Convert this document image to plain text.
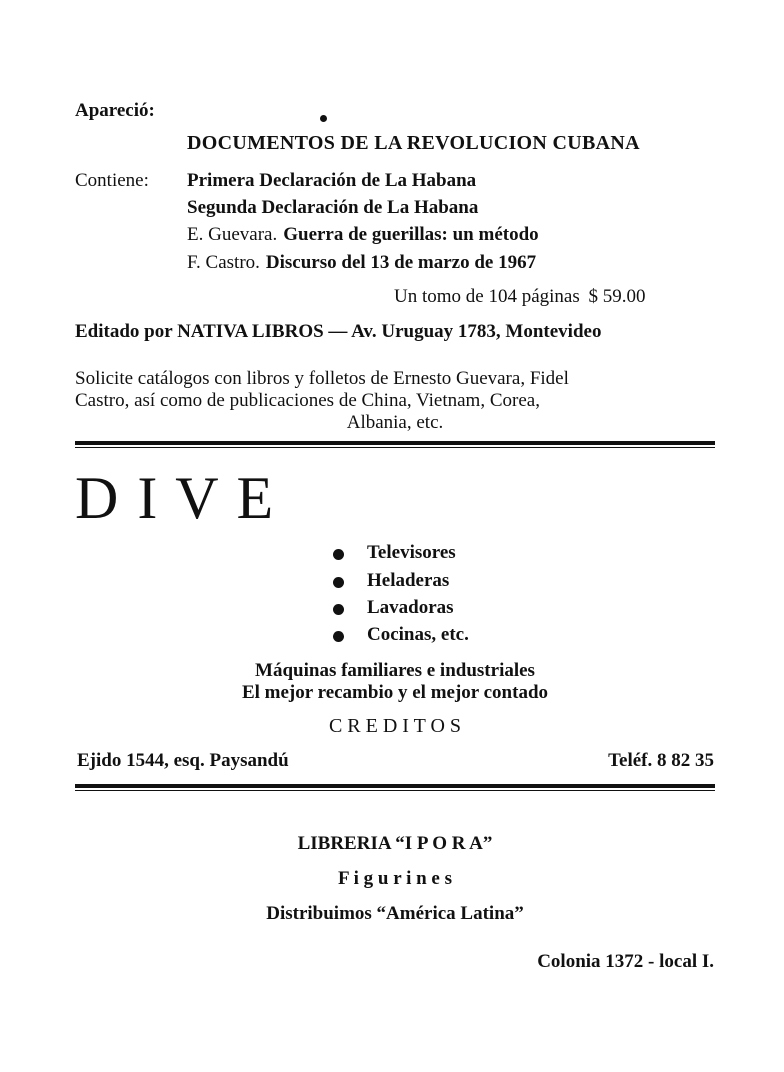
Apareció:
DOCUMENTOS DE LA REVOLUCION CUBANA
Contiene: Primera Declaración de La Habana
Segunda Declaración de La Habana
E. Guevara. Guerra de guerillas: un método
F. Castro. Discurso del 13 de marzo de 1967
Un tomo de 104 páginas $ 59.00
Editado por NATIVA LIBROS — Av. Uruguay 1783, Montevideo
Solicite catálogos con libros y folletos de Ernesto Guevara, Fidel
Castro, así como de publicaciones de China, Vietnam, Corea,
Albania, etc.
D I V E
Televisores
Heladeras
Lavadoras
Cocinas, etc.
Máquinas familiares e industriales
El mejor recambio y el mejor contado
C R E D I T O S
Ejido 1544, esq. Paysandú	Teléf. 8 82 35
LIBRERIA “I P O R A”
F i g u r i n e s
Distribuimos “América Latina”
Colonia 1372 - local I.
